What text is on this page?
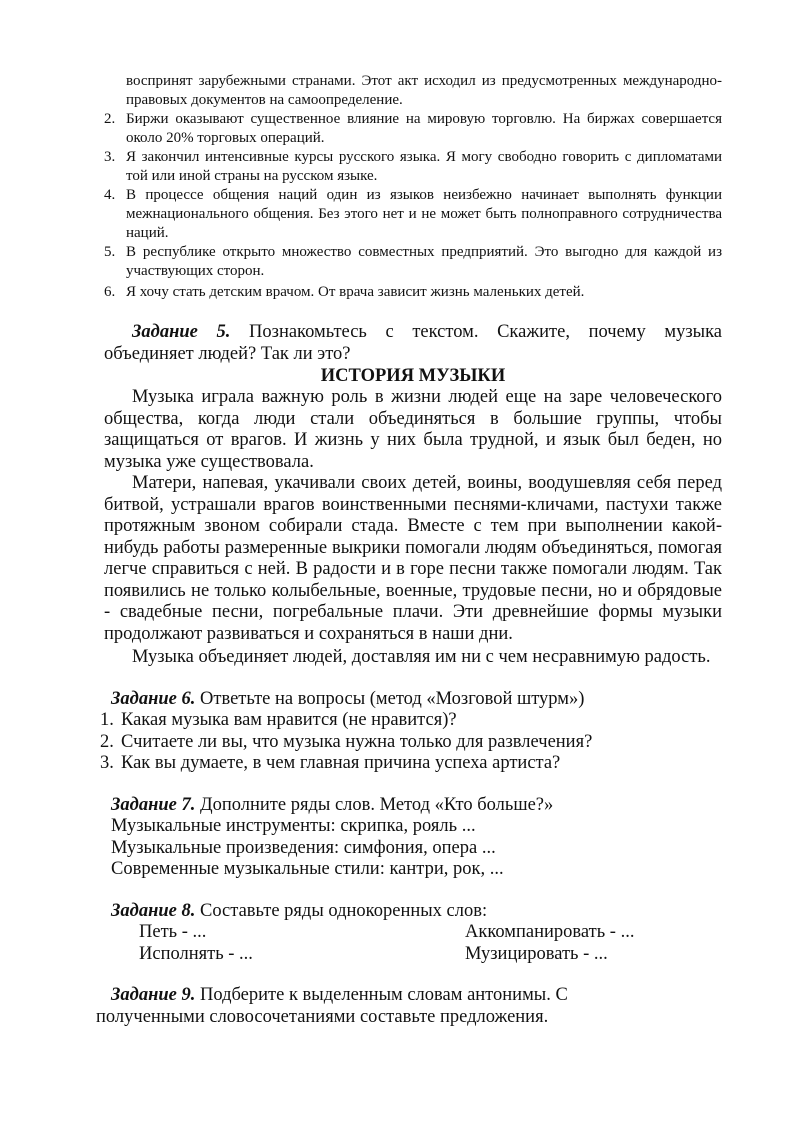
воспринят зарубежными странами. Этот акт исходил из предусмотренных международно-правовых документов на самоопределение.

2. Биржи оказывают существенное влияние на мировую торговлю. На биржах совершается около 20% торговых операций.
3. Я закончил интенсивные курсы русского языка. Я могу свободно говорить с дипломатами той или иной страны на русском языке.
4. В процессе общения наций один из языков неизбежно начинает выполнять функции межнационального общения. Без этого нет и не может быть полноправного сотрудничества наций.
5. В республике открыто множество совместных предприятий. Это выгодно для каждой из участвующих сторон.
6. Я хочу стать детским врачом. От врача зависит жизнь маленьких детей.

Задание 5. Познакомьтесь с текстом. Скажите, почему музыка

объединяет людей? Так ли это?

ИСТОРИЯ МУЗЫКИ

Музыка играла важную роль в жизни людей еще на заре человеческого общества, когда люди стали объединяться в большие группы, чтобы защищаться от врагов. И жизнь у них была трудной, и язык был беден, но музыка уже существовала.

Матери, напевая, укачивали своих детей, воины, воодушевляя себя перед битвой, устрашали врагов воинственными песнями-кличами, пастухи также протяжным звоном собирали стада. Вместе с тем при выполнении какой-нибудь работы размеренные выкрики помогали людям объединяться, помогая легче справиться с ней. В радости и в горе песни также помогали людям. Так появились не только колыбельные, военные, трудовые песни, но и обрядовые - свадебные песни, погребальные плачи. Эти древнейшие формы музыки продолжают развиваться и сохраняться в наши дни.

Музыка объединяет людей, доставляя им ни с чем несравнимую радость.

Задание 6. Ответьте на вопросы (метод «Мозговой штурм»)

1. Какая музыка вам нравится (не нравится)?
2. Считаете ли вы, что музыка нужна только для развлечения?
3. Как вы думаете, в чем главная причина успеха артиста?

Задание 7. Дополните ряды слов. Метод «Кто больше?»

Музыкальные инструменты: скрипка, рояль ...

Музыкальные произведения: симфония, опера ...

Современные музыкальные стили: кантри, рок, ...

Задание 8. Составьте ряды однокоренных слов:

Петь - ...	Аккомпанировать - ...
Исполнять - ...	Музицировать - ...

Задание 9. Подберите к выделенным словам антонимы. С

полученными словосочетаниями составьте предложения.
